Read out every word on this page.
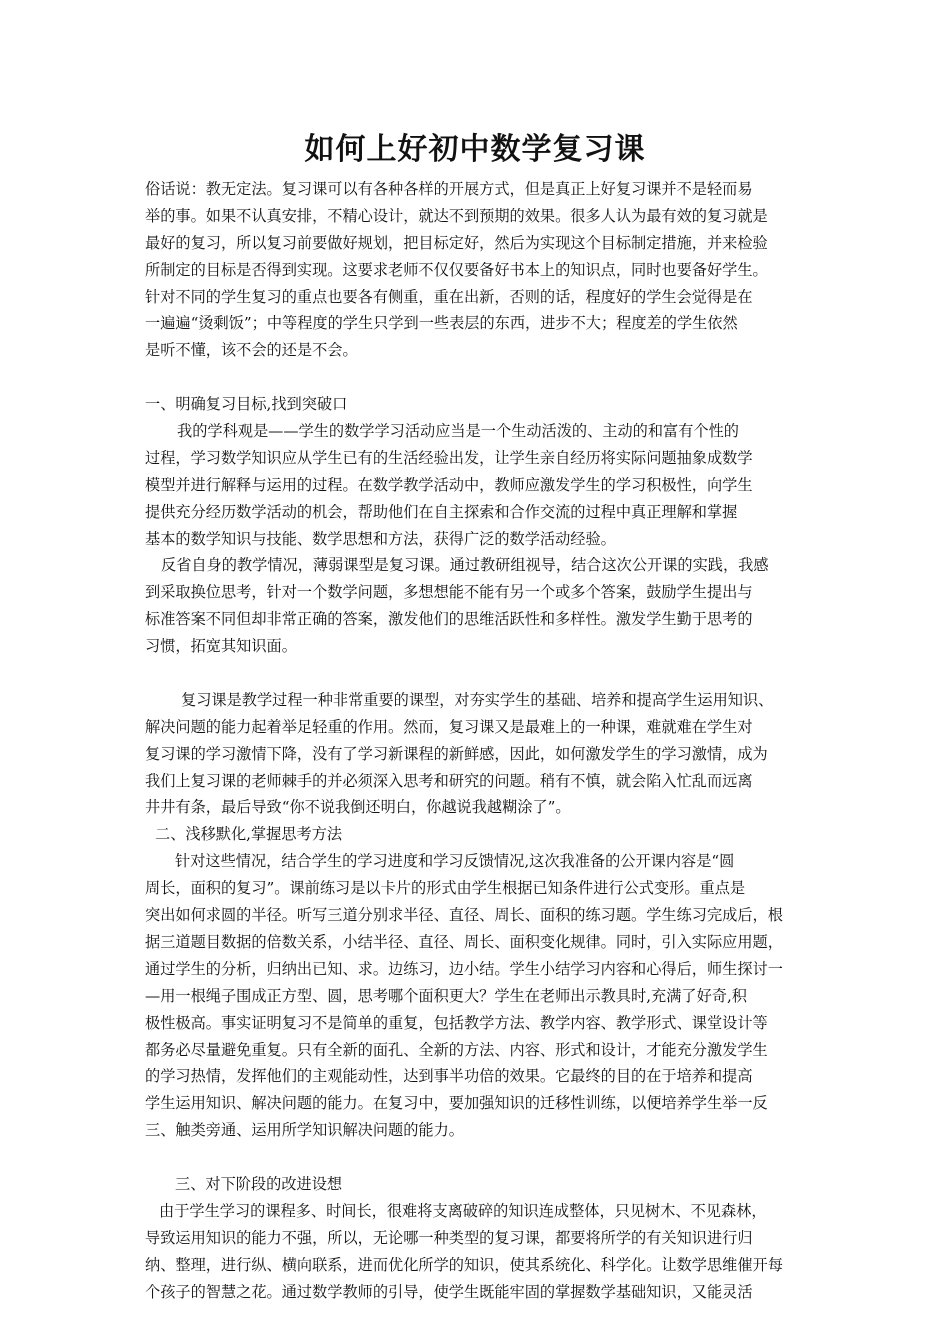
如何上好初中数学复习课
俗话说：教无定法。复习课可以有各种各样的开展方式，但是真正上好复习课并不是轻而易
举的事。如果不认真安排，不精心设计，就达不到预期的效果。很多人认为最有效的复习就是
最好的复习，所以复习前要做好规划，把目标定好，然后为实现这个目标制定措施，并来检验
所制定的目标是否得到实现。这要求老师不仅仅要备好书本上的知识点，同时也要备好学生。
针对不同的学生复习的重点也要各有侧重，重在出新，否则的话，程度好的学生会觉得是在
一遍遍“烫剩饭”；中等程度的学生只学到一些表层的东西，进步不大；程度差的学生依然
是听不懂，该不会的还是不会。
一、明确复习目标,找到突破口
我的学科观是——学生的数学学习活动应当是一个生动活泼的、主动的和富有个性的
过程，学习数学知识应从学生已有的生活经验出发，让学生亲自经历将实际问题抽象成数学
模型并进行解释与运用的过程。在数学教学活动中，教师应激发学生的学习积极性，向学生
提供充分经历数学活动的机会，帮助他们在自主探索和合作交流的过程中真正理解和掌握
基本的数学知识与技能、数学思想和方法，获得广泛的数学活动经验。
反省自身的教学情况，薄弱课型是复习课。通过教研组视导，结合这次公开课的实践，我感
到采取换位思考，针对一个数学问题，多想想能不能有另一个或多个答案，鼓励学生提出与
标准答案不同但却非常正确的答案，激发他们的思维活跃性和多样性。激发学生勤于思考的
习惯，拓宽其知识面。
复习课是教学过程一种非常重要的课型，对夯实学生的基础、培养和提高学生运用知识、
解决问题的能力起着举足轻重的作用。然而，复习课又是最难上的一种课，难就难在学生对
复习课的学习激情下降，没有了学习新课程的新鲜感，因此，如何激发学生的学习激情，成为
我们上复习课的老师棘手的并必须深入思考和研究的问题。稍有不慎，就会陷入忙乱而远离
井井有条，最后导致“你不说我倒还明白，你越说我越糊涂了”。
二、浅移默化,掌握思考方法
针对这些情况，结合学生的学习进度和学习反馈情况,这次我准备的公开课内容是“圆
周长，面积的复习”。课前练习是以卡片的形式由学生根据已知条件进行公式变形。重点是
突出如何求圆的半径。听写三道分别求半径、直径、周长、面积的练习题。学生练习完成后，根
据三道题目数据的倍数关系，小结半径、直径、周长、面积变化规律。同时，引入实际应用题，
通过学生的分析，归纳出已知、求。边练习，边小结。学生小结学习内容和心得后，师生探讨一
—用一根绳子围成正方型、圆，思考哪个面积更大？学生在老师出示教具时,充满了好奇,积
极性极高。事实证明复习不是简单的重复，包括教学方法、教学内容、教学形式、课堂设计等
都务必尽量避免重复。只有全新的面孔、全新的方法、内容、形式和设计，才能充分激发学生
的学习热情，发挥他们的主观能动性，达到事半功倍的效果。它最终的目的在于培养和提高
学生运用知识、解决问题的能力。在复习中，要加强知识的迁移性训练，以便培养学生举一反
三、触类旁通、运用所学知识解决问题的能力。
三、对下阶段的改进设想
由于学生学习的课程多、时间长，很难将支离破碎的知识连成整体，只见树木、不见森林，
导致运用知识的能力不强，所以，无论哪一种类型的复习课，都要将所学的有关知识进行归
纳、整理，进行纵、横向联系，进而优化所学的知识，使其系统化、科学化。让数学思维催开每
个孩子的智慧之花。通过数学教师的引导，使学生既能牢固的掌握数学基础知识，又能灵活
